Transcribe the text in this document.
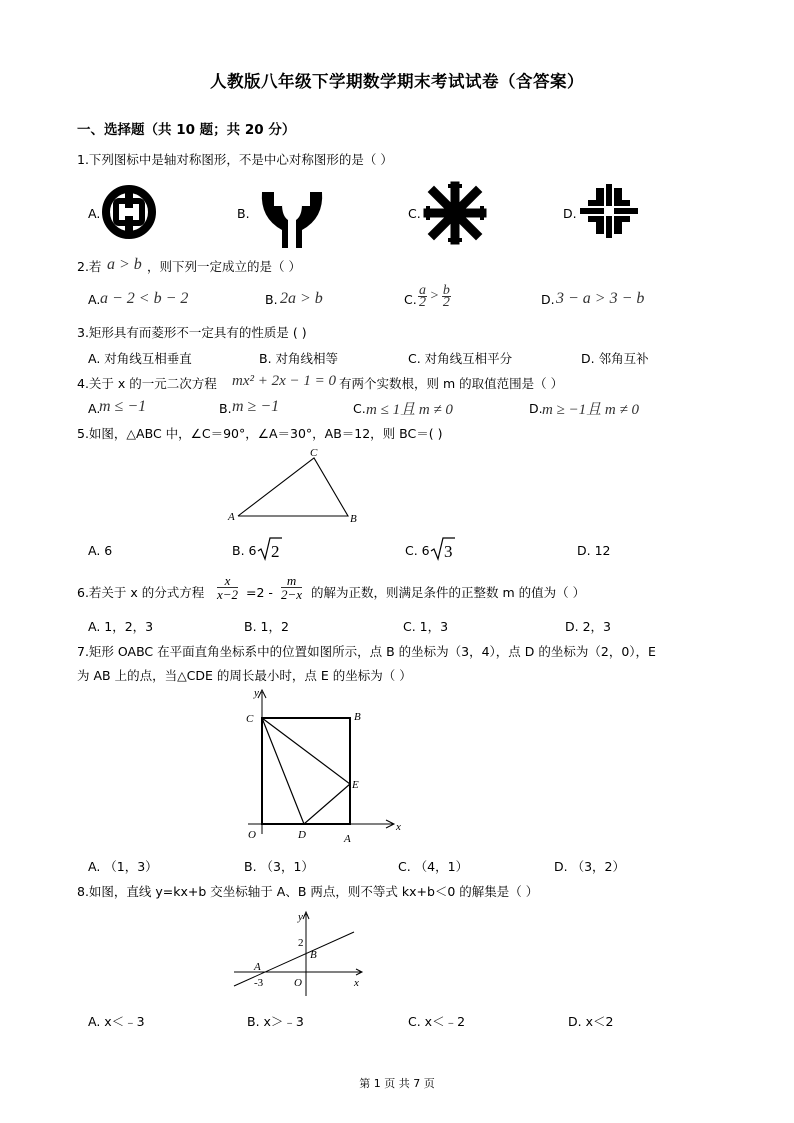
人教版八年级下学期数学期末考试试卷（含答案）
一、选择题（共 10 题；共 20 分）
1.下列图标中是轴对称图形，不是中心对称图形的是（ ）
A.	B.	C.	D.
2.若 a > b ，则下列一定成立的是（ ）
A. a − 2 < b − 2	B. 2a > b	C. $\frac{a}{2} > \frac{b}{2}$	D. 3 − a > 3 − b
3.矩形具有而菱形不一定具有的性质是 ( )
A. 对角线互相垂直	B. 对角线相等	C. 对角线互相平分	D. 邻角互补
4.关于 x 的一元二次方程 mx² + 2x − 1 = 0 有两个实数根，则 m 的取值范围是（ ）
A.
m ≤ −1	B. m ≥ −1	C. m ≤ 1且 m ≠ 0	D. m ≥ −1且 m ≠ 0
5.如图，△ABC 中，∠C＝90°，∠A＝30°，AB＝12，则 BC＝( )
A
C
B
A. 6	B. 6 2	C. 6 3	D. 12
6.若关于 x 的分式方程 $\frac{x}{x-2} =2 - \frac{m}{2-x}$ 的解为正数，则满足条件的正整数 m 的值为（ ）
A. 1，2，3	B. 1，2	C. 1，3	D. 2，3
7.矩形 OABC 在平面直角坐标系中的位置如图所示，点 B 的坐标为（3，4），点 D 的坐标为（2，0），E
为 AB 上的点，当△CDE 的周长最小时，点 E 的坐标为（ ）
y
x
O
C	B
E
D	A
A. （1，3）	B. （3，1）	C. （4，1）	D. （3，2）
8.如图，直线 y=kx+b 交坐标轴于 A、B 两点，则不等式 kx+b＜0 的解集是（ ）
y
x
2
B
A
-3	O
A. x＜﹣3	B. x＞﹣3	C. x＜﹣2	D. x＜2
第 1 页 共 7 页
